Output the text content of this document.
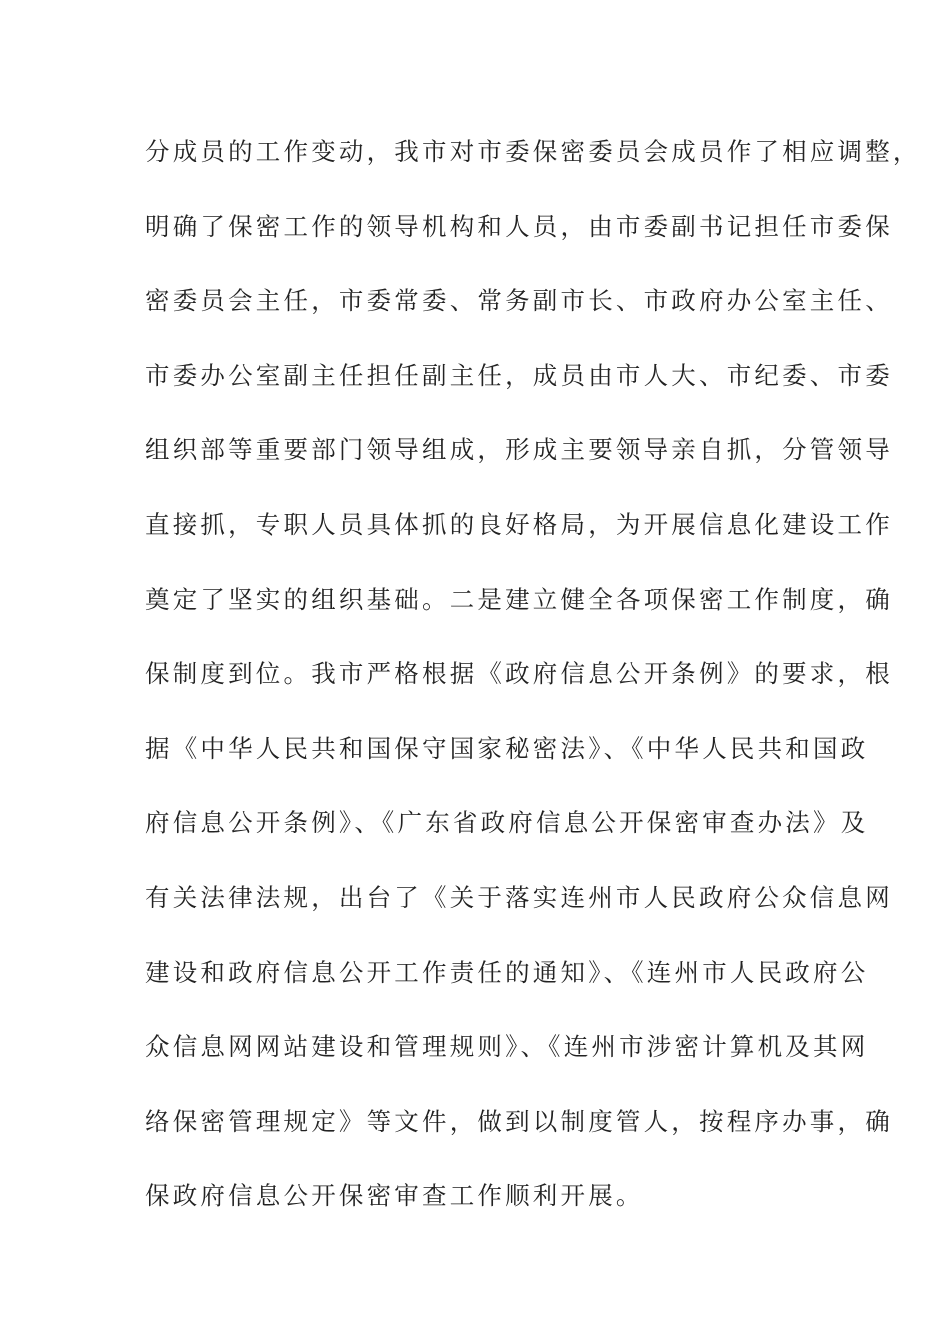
分成员的工作变动，我市对市委保密委员会成员作了相应调整，
明确了保密工作的领导机构和人员，由市委副书记担任市委保
密委员会主任，市委常委、常务副市长、市政府办公室主任、
市委办公室副主任担任副主任，成员由市人大、市纪委、市委
组织部等重要部门领导组成，形成主要领导亲自抓，分管领导
直接抓，专职人员具体抓的良好格局，为开展信息化建设工作
奠定了坚实的组织基础。二是建立健全各项保密工作制度，确
保制度到位。我市严格根据《政府信息公开条例》的要求，根
据《中华人民共和国保守国家秘密法》、《中华人民共和国政
府信息公开条例》、《广东省政府信息公开保密审查办法》及
有关法律法规，出台了《关于落实连州市人民政府公众信息网
建设和政府信息公开工作责任的通知》、《连州市人民政府公
众信息网网站建设和管理规则》、《连州市涉密计算机及其网
络保密管理规定》等文件，做到以制度管人，按程序办事，确
保政府信息公开保密审查工作顺利开展。
